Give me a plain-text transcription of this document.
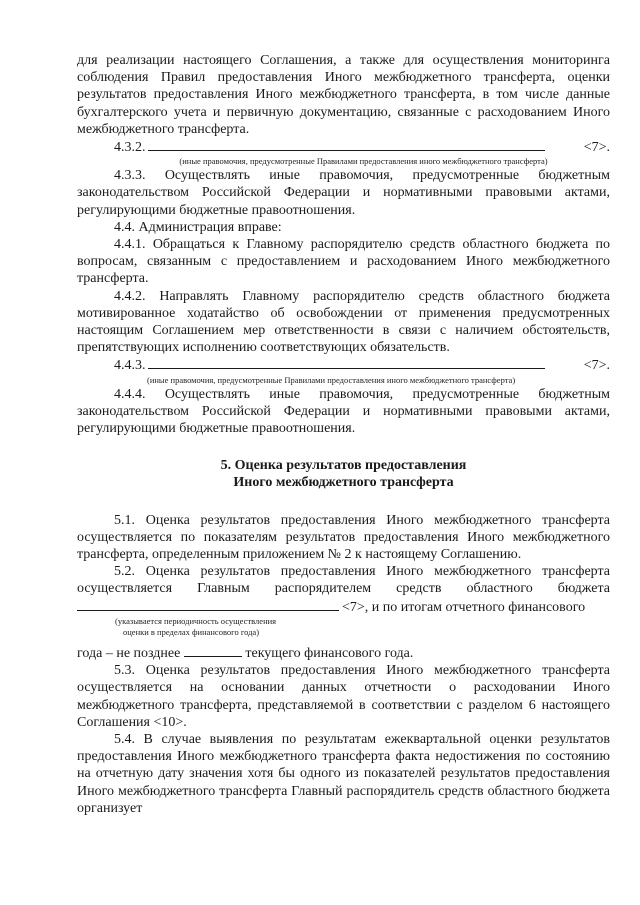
для реализации настоящего Соглашения, а также для осуществления мониторинга соблюдения Правил предоставления Иного межбюджетного трансферта, оценки результатов предоставления Иного межбюджетного трансферта, в том числе данные бухгалтерского учета и первичную документацию, связанные с расходованием Иного межбюджетного трансферта.

4.3.2.	<7>.

(иные правомочия, предусмотренные Правилами предоставления иного межбюджетного трансферта)

4.3.3. Осуществлять иные правомочия, предусмотренные бюджетным законодательством Российской Федерации и нормативными правовыми актами, регулирующими бюджетные правоотношения.

4.4. Администрация вправе:

4.4.1. Обращаться к Главному распорядителю средств областного бюджета по вопросам, связанным с предоставлением и расходованием Иного межбюджетного трансферта.

4.4.2. Направлять Главному распорядителю средств областного бюджета мотивированное ходатайство об освобождении от применения предусмотренных настоящим Соглашением мер ответственности в связи с наличием обстоятельств, препятствующих исполнению соответствующих обязательств.

4.4.3.	<7>.

(иные правомочия, предусмотренные Правилами предоставления иного межбюджетного трансферта)

4.4.4. Осуществлять иные правомочия, предусмотренные бюджетным законодательством Российской Федерации и нормативными правовыми актами, регулирующими бюджетные правоотношения.

5. Оценка результатов предоставления

Иного межбюджетного трансферта

5.1. Оценка результатов предоставления Иного межбюджетного трансферта осуществляется по показателям результатов предоставления Иного межбюджетного трансферта, определенным приложением № 2 к настоящему Соглашению.

5.2. Оценка результатов предоставления Иного межбюджетного трансферта осуществляется Главным распорядителем средств областного бюджета

<7>, и по итогам отчетного финансового

(указывается периодичность осуществления

оценки в пределах финансового года)

года – не позднее	текущего финансового года.

5.3. Оценка результатов предоставления Иного межбюджетного трансферта осуществляется на основании данных отчетности о расходовании Иного межбюджетного трансферта, представляемой в соответствии с разделом 6 настоящего Соглашения <10>.

5.4. В случае выявления по результатам ежеквартальной оценки результатов предоставления Иного межбюджетного трансферта факта недостижения по состоянию на отчетную дату значения хотя бы одного из показателей результатов предоставления Иного межбюджетного трансферта Главный распорядитель средств областного бюджета организует
